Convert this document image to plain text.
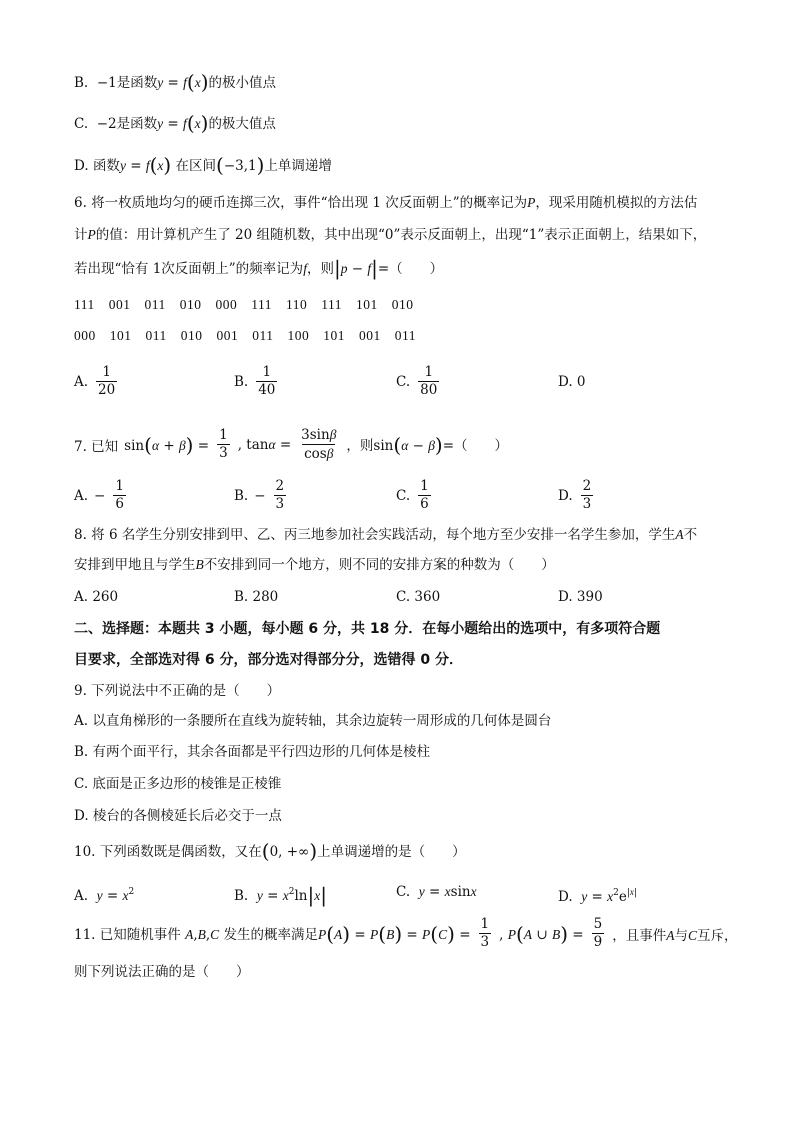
B. −1是函数y = f(x)的极小值点
C. −2是函数y = f(x)的极大值点
D. 函数y = f(x) 在区间(−3,1)上单调递增
6. 将一枚质地均匀的硬币连掷三次，事件“恰出现 1 次反面朝上”的概率记为P，现采用随机模拟的方法估
计P的值：用计算机产生了 20 组随机数，其中出现“0”表示反面朝上，出现“1”表示正面朝上，结果如下，
若出现“恰有 1次反面朝上”的频率记为f，则|p − f|=（　　）
111　001　011　010　000　111　110　111　101　010
000　101　011　010　001　011　100　101　001　011
A. $\frac{1}{20}$	B. $\frac{1}{40}$	C. $\frac{1}{80}$	D. 0
7. 已知 $\sin(\alpha + \beta) = \frac{1}{3}$ , $\tan\alpha = \frac{3\sin\beta}{\cos\beta}$ ，则sin(α − β)=（　　）
A. − $\frac{1}{6}$	B. − $\frac{2}{3}$	C. $\frac{1}{6}$	D. $\frac{2}{3}$
8. 将 6 名学生分别安排到甲、乙、丙三地参加社会实践活动，每个地方至少安排一名学生参加，学生A不
安排到甲地且与学生B不安排到同一个地方，则不同的安排方案的种数为（　　）
A. 260	B. 280	C. 360	D. 390
二、选择题：本题共 3 小题，每小题 6 分，共 18 分．在每小题给出的选项中，有多项符合题
目要求，全部选对得 6 分，部分选对得部分分，选错得 0 分．
9. 下列说法中不正确的是（　　）
A. 以直角梯形的一条腰所在直线为旋转轴，其余边旋转一周形成的几何体是圆台
B. 有两个面平行，其余各面都是平行四边形的几何体是棱柱
C. 底面是正多边形的棱锥是正棱锥
D. 棱台的各侧棱延长后必交于一点
10. 下列函数既是偶函数，又在(0, +∞)上单调递增的是（　　）
A. $y = x^2$	B. $y = x^2\ln|x|$	C. y = xsinx	D. $y = x^2e^{|x|}$
11. 已知随机事件 A,B,C 发生的概率满足$P(A) = P(B) = P(C) = \frac{1}{3}$ , P(A ∪ $B) = \frac{5}{9}$ ，且事件A与C互斥，
则下列说法正确的是（　　）
